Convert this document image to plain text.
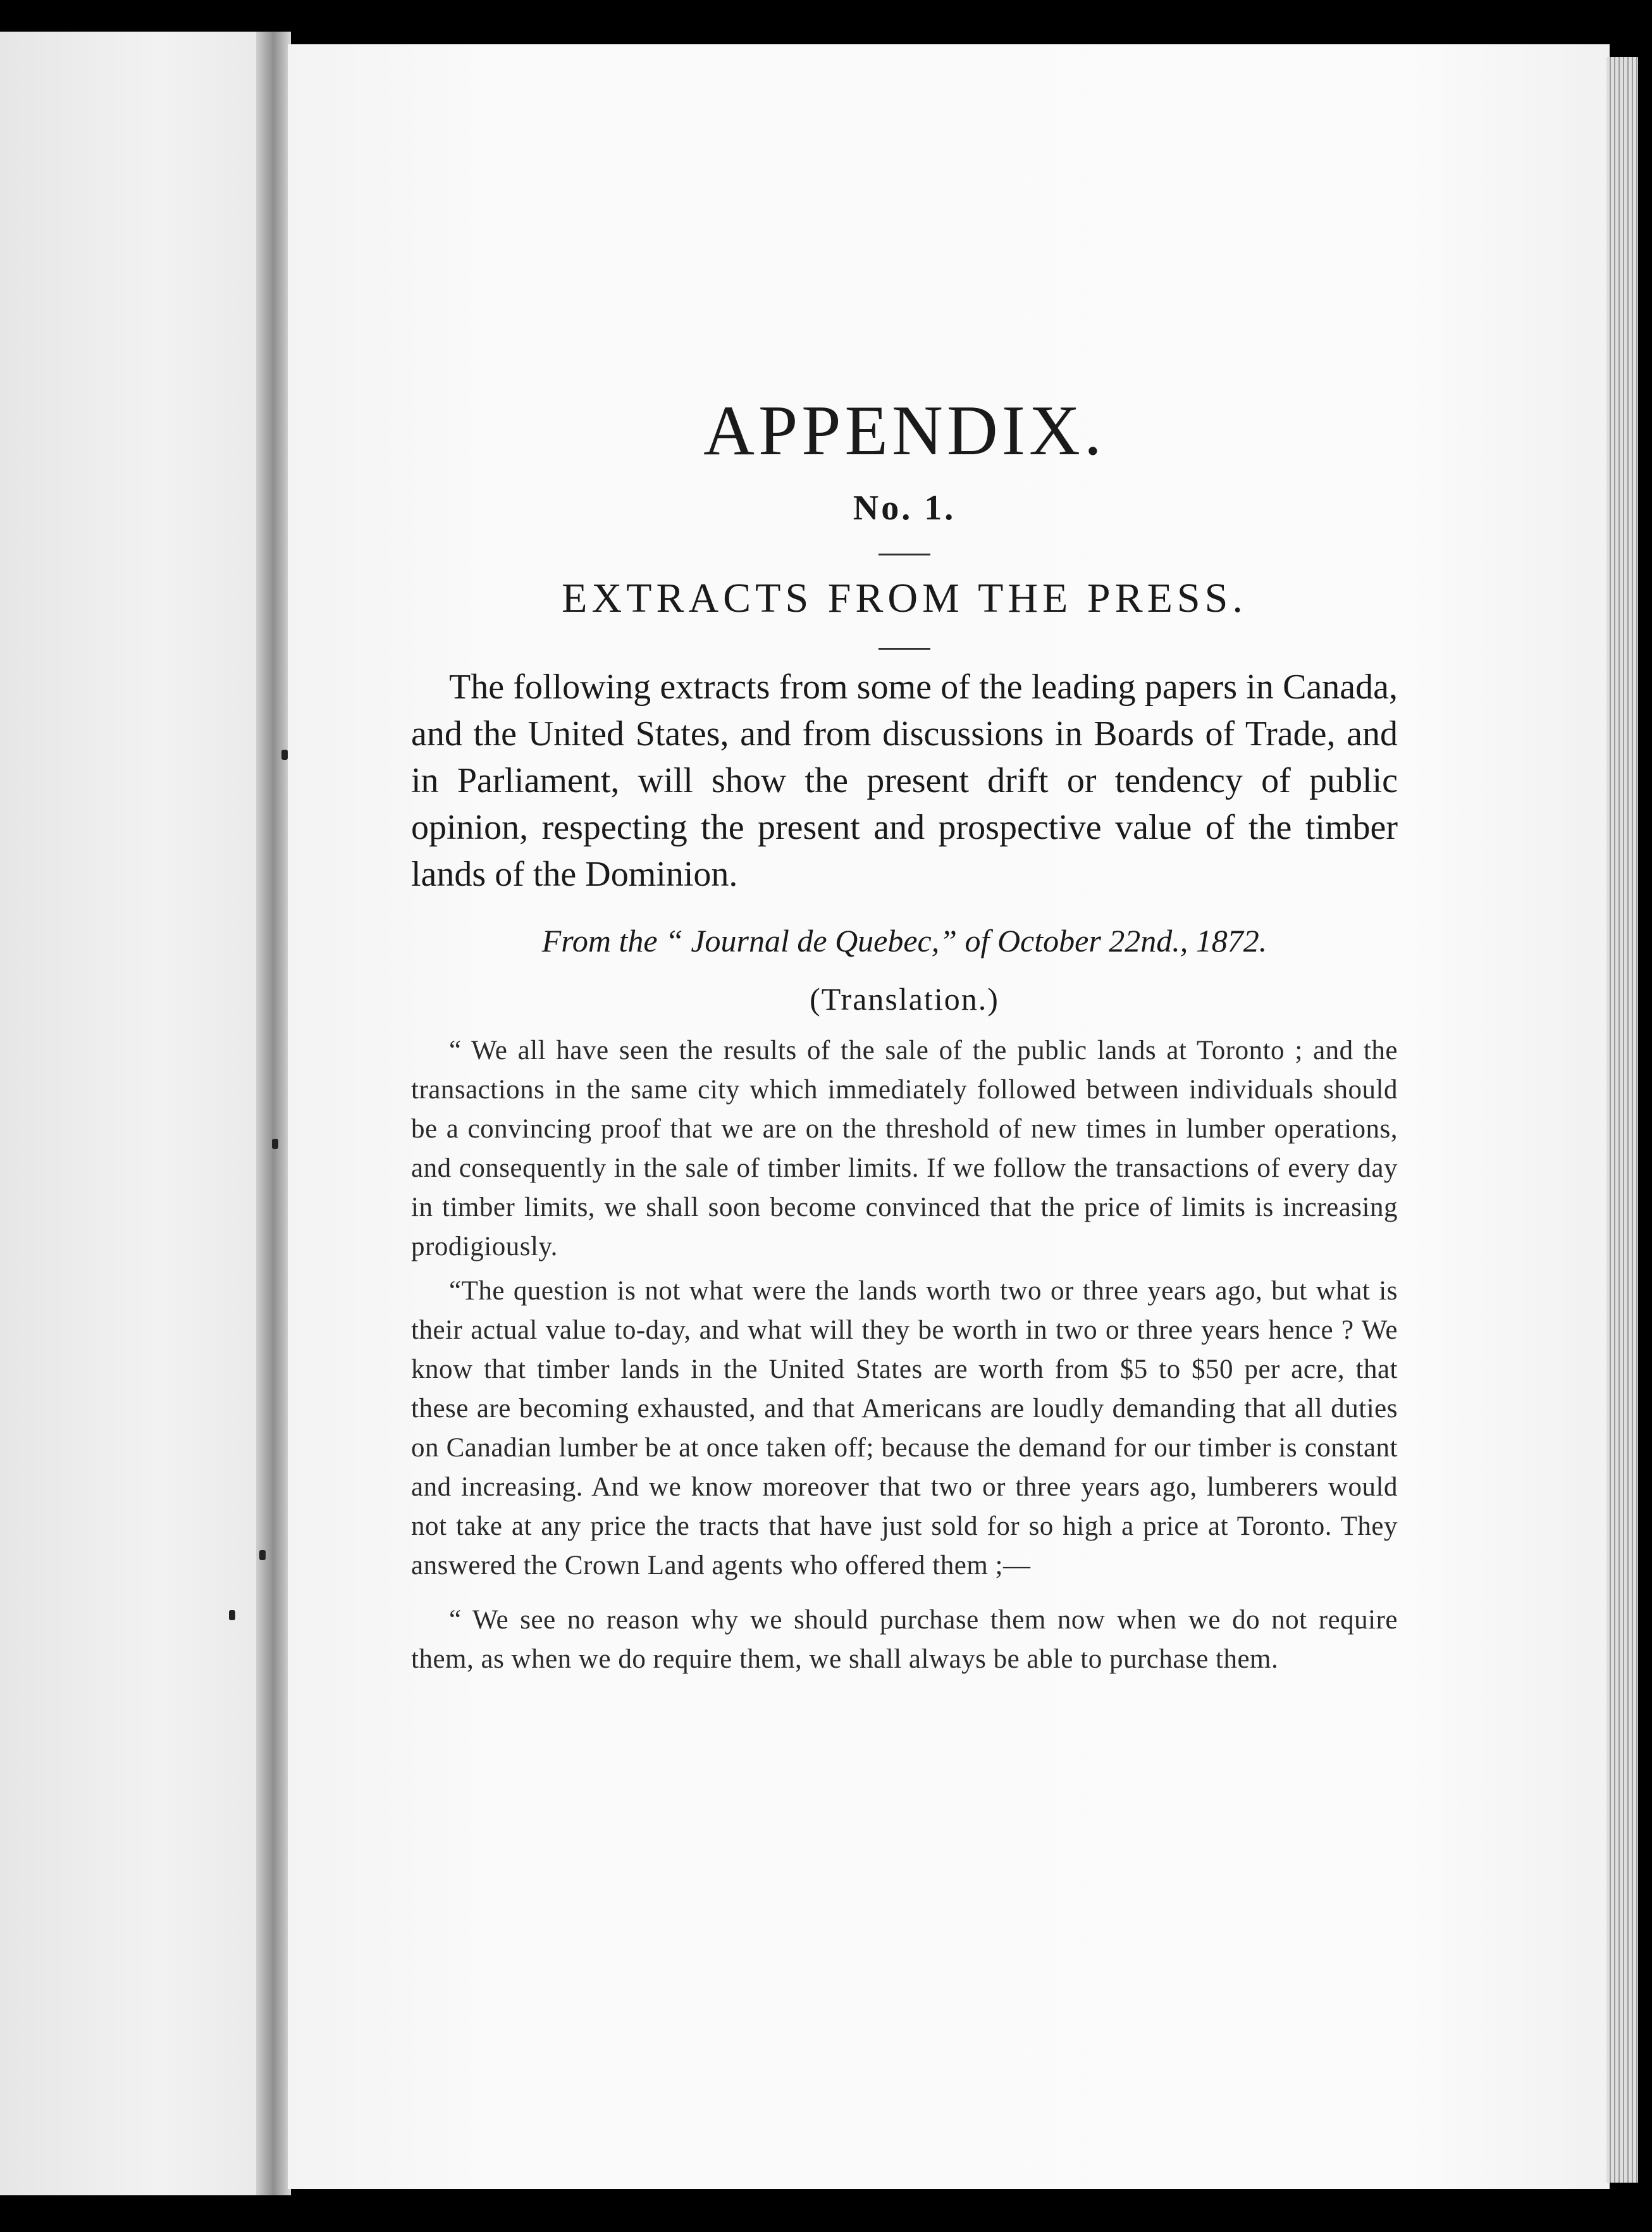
APPENDIX.
No. 1.
EXTRACTS FROM THE PRESS.

The following extracts from some of the leading papers in Canada, and the United States, and from discussions in Boards of Trade, and in Parliament, will show the present drift or tendency of public opinion, respecting the present and prospective value of the timber lands of the Dominion.

From the “ Journal de Quebec,” of October 22nd., 1872.

(Translation.)

“ We all have seen the results of the sale of the public lands at Toronto ; and the transactions in the same city which immediately followed between individuals should be a convincing proof that we are on the threshold of new times in lumber operations, and consequently in the sale of timber limits. If we follow the transactions of every day in timber limits, we shall soon become convinced that the price of limits is increasing prodigiously.

“The question is not what were the lands worth two or three years ago, but what is their actual value to-day, and what will they be worth in two or three years hence ? We know that timber lands in the United States are worth from $5 to $50 per acre, that these are becoming exhausted, and that Americans are loudly demanding that all duties on Canadian lumber be at once taken off; because the demand for our timber is constant and increasing. And we know moreover that two or three years ago, lumberers would not take at any price the tracts that have just sold for so high a price at Toronto. They answered the Crown Land agents who offered them ;—

“ We see no reason why we should purchase them now when we do not require them, as when we do require them, we shall always be able to purchase them.
